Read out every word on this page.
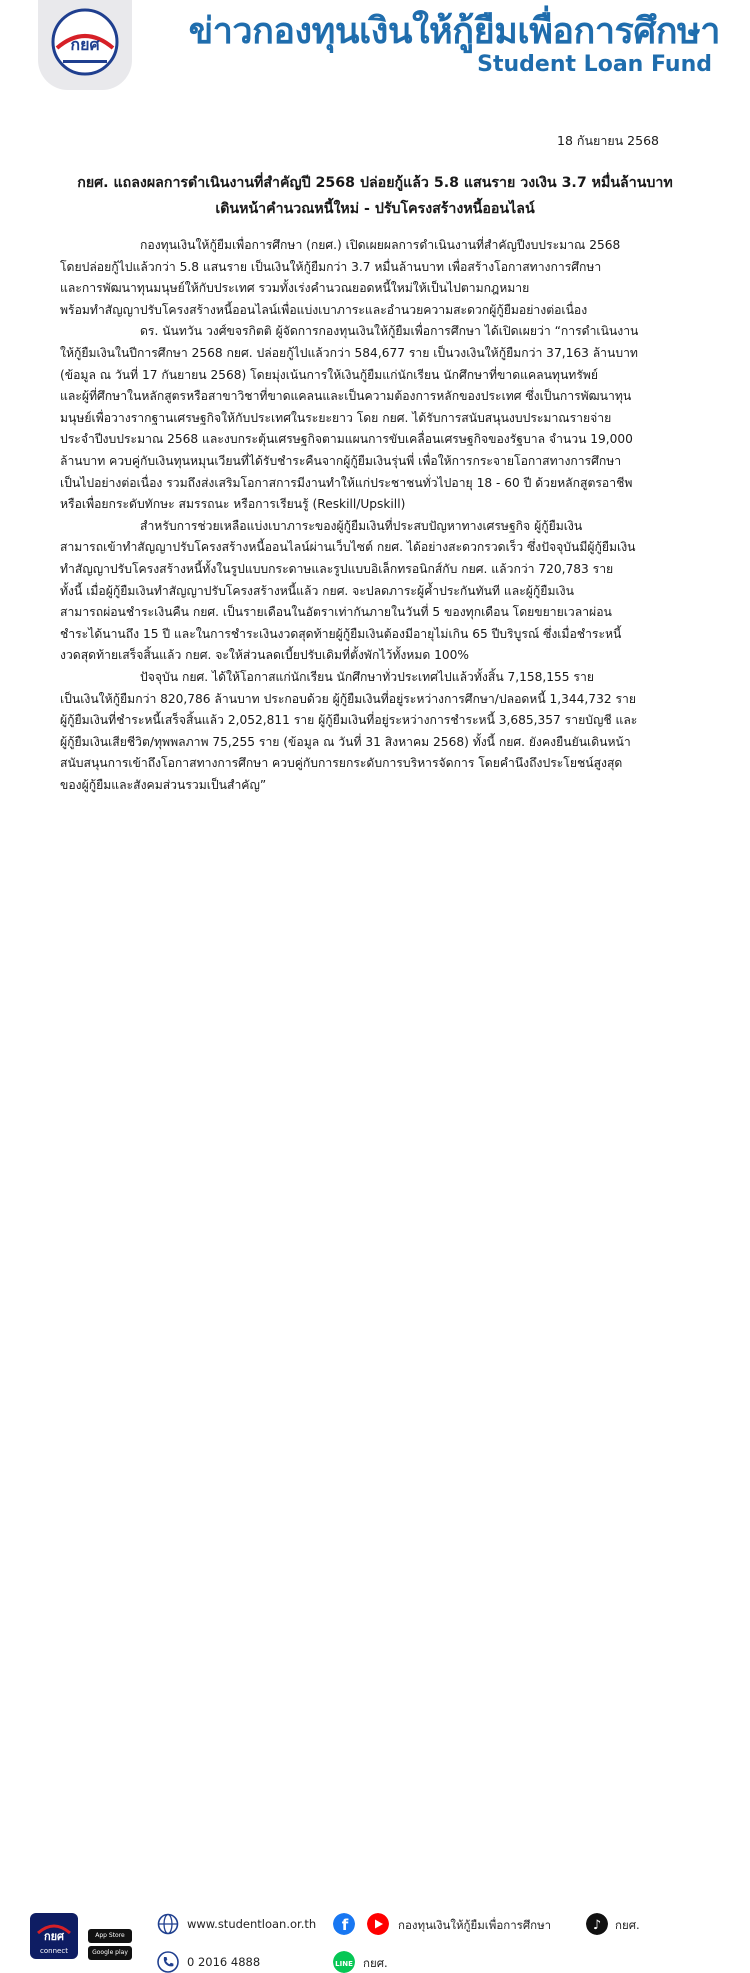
กยศ ข่าวกองทุนเงินให้กู้ยืมเพื่อการศึกษา
Student Loan Fund
18 กันยายน 2568
กยศ. แถลงผลการดำเนินงานที่สำคัญปี 2568 ปล่อยกู้แล้ว 5.8 แสนราย วงเงิน 3.7 หมื่นล้านบาท
เดินหน้าคำนวณหนี้ใหม่ - ปรับโครงสร้างหนี้ออนไลน์
กองทุนเงินให้กู้ยืมเพื่อการศึกษา (กยศ.) เปิดเผยผลการดำเนินงานที่สำคัญปีงบประมาณ 2568
โดยปล่อยกู้ไปแล้วกว่า 5.8 แสนราย เป็นเงินให้กู้ยืมกว่า 3.7 หมื่นล้านบาท เพื่อสร้างโอกาสทางการศึกษา
และการพัฒนาทุนมนุษย์ให้กับประเทศ รวมทั้งเร่งคำนวณยอดหนี้ใหม่ให้เป็นไปตามกฎหมาย
พร้อมทำสัญญาปรับโครงสร้างหนี้ออนไลน์เพื่อแบ่งเบาภาระและอำนวยความสะดวกผู้กู้ยืมอย่างต่อเนื่อง
ดร. นันทวัน วงศ์ขจรกิตติ ผู้จัดการกองทุนเงินให้กู้ยืมเพื่อการศึกษา ได้เปิดเผยว่า “การดำเนินงาน
ให้กู้ยืมเงินในปีการศึกษา 2568 กยศ. ปล่อยกู้ไปแล้วกว่า 584,677 ราย เป็นวงเงินให้กู้ยืมกว่า 37,163 ล้านบาท
(ข้อมูล ณ วันที่ 17 กันยายน 2568) โดยมุ่งเน้นการให้เงินกู้ยืมแก่นักเรียน นักศึกษาที่ขาดแคลนทุนทรัพย์
และผู้ที่ศึกษาในหลักสูตรหรือสาขาวิชาที่ขาดแคลนและเป็นความต้องการหลักของประเทศ ซึ่งเป็นการพัฒนาทุน
มนุษย์เพื่อวางรากฐานเศรษฐกิจให้กับประเทศในระยะยาว โดย กยศ. ได้รับการสนับสนุนงบประมาณรายจ่าย
ประจำปีงบประมาณ 2568 และงบกระตุ้นเศรษฐกิจตามแผนการขับเคลื่อนเศรษฐกิจของรัฐบาล จำนวน 19,000
ล้านบาท ควบคู่กับเงินทุนหมุนเวียนที่ได้รับชำระคืนจากผู้กู้ยืมเงินรุ่นพี่ เพื่อให้การกระจายโอกาสทางการศึกษา
เป็นไปอย่างต่อเนื่อง รวมถึงส่งเสริมโอกาสการมีงานทำให้แก่ประชาชนทั่วไปอายุ 18 - 60 ปี ด้วยหลักสูตรอาชีพ
หรือเพื่อยกระดับทักษะ สมรรถนะ หรือการเรียนรู้ (Reskill/Upskill)
สำหรับการช่วยเหลือแบ่งเบาภาระของผู้กู้ยืมเงินที่ประสบปัญหาทางเศรษฐกิจ ผู้กู้ยืมเงิน
สามารถเข้าทำสัญญาปรับโครงสร้างหนี้ออนไลน์ผ่านเว็บไซต์ กยศ. ได้อย่างสะดวกรวดเร็ว ซึ่งปัจจุบันมีผู้กู้ยืมเงิน
ทำสัญญาปรับโครงสร้างหนี้ทั้งในรูปแบบกระดาษและรูปแบบอิเล็กทรอนิกส์กับ กยศ. แล้วกว่า 720,783 ราย
ทั้งนี้ เมื่อผู้กู้ยืมเงินทำสัญญาปรับโครงสร้างหนี้แล้ว กยศ. จะปลดภาระผู้ค้ำประกันทันที และผู้กู้ยืมเงิน
สามารถผ่อนชำระเงินคืน กยศ. เป็นรายเดือนในอัตราเท่ากันภายในวันที่ 5 ของทุกเดือน โดยขยายเวลาผ่อน
ชำระได้นานถึง 15 ปี และในการชำระเงินงวดสุดท้ายผู้กู้ยืมเงินต้องมีอายุไม่เกิน 65 ปีบริบูรณ์ ซึ่งเมื่อชำระหนี้
งวดสุดท้ายเสร็จสิ้นแล้ว กยศ. จะให้ส่วนลดเบี้ยปรับเดิมที่ตั้งพักไว้ทั้งหมด 100%
ปัจจุบัน กยศ. ได้ให้โอกาสแก่นักเรียน นักศึกษาทั่วประเทศไปแล้วทั้งสิ้น 7,158,155 ราย
เป็นเงินให้กู้ยืมกว่า 820,786 ล้านบาท ประกอบด้วย ผู้กู้ยืมเงินที่อยู่ระหว่างการศึกษา/ปลอดหนี้ 1,344,732 ราย
ผู้กู้ยืมเงินที่ชำระหนี้เสร็จสิ้นแล้ว 2,052,811 ราย ผู้กู้ยืมเงินที่อยู่ระหว่างการชำระหนี้ 3,685,357 รายบัญชี และ
ผู้กู้ยืมเงินเสียชีวิต/ทุพพลภาพ 75,255 ราย (ข้อมูล ณ วันที่ 31 สิงหาคม 2568) ทั้งนี้ กยศ. ยังคงยืนยันเดินหน้า
สนับสนุนการเข้าถึงโอกาสทางการศึกษา ควบคู่กับการยกระดับการบริหารจัดการ โดยคำนึงถึงประโยชน์สูงสุด
ของผู้กู้ยืมและสังคมส่วนรวมเป็นสำคัญ”
กยศ
connect
App Store
Google play
www.studentloan.or.th f	กองทุนเงินให้กู้ยืมเพื่อการศึกษา	♪ กยศ.
0 2016 4888	LINE กยศ.
